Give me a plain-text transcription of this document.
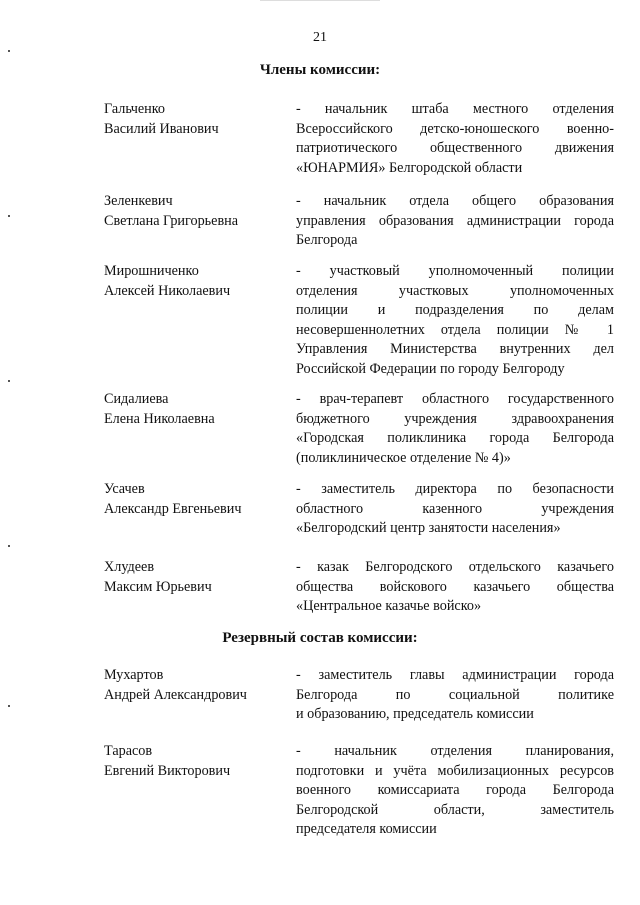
21
Члены комиссии:
Гальченко
Василий Иванович
- начальник штаба местного отделения
Всероссийского детско-юношеского военно-
патриотического общественного движения
«ЮНАРМИЯ» Белгородской области
Зеленкевич
Светлана Григорьевна
- начальник отдела общего образования
управления образования администрации города
Белгорода
Мирошниченко
Алексей Николаевич
- участковый уполномоченный полиции
отделения участковых уполномоченных
полиции и подразделения по делам
несовершеннолетних отдела полиции № 1
Управления Министерства внутренних дел
Российской Федерации по городу Белгороду
Сидалиева
Елена Николаевна
- врач-терапевт областного государственного
бюджетного учреждения здравоохранения
«Городская поликлиника города Белгорода
(поликлиническое отделение № 4)»
Усачев
Александр Евгеньевич
- заместитель директора по безопасности
областного казенного учреждения
«Белгородский центр занятости населения»
Хлудеев
Максим Юрьевич
- казак Белгородского отдельского казачьего
общества войскового казачьего общества
«Центральное казачье войско»
Резервный состав комиссии:
Мухартов
Андрей Александрович
- заместитель главы администрации города
Белгорода по социальной политике
и образованию, председатель комиссии
Тарасов
Евгений Викторович
- начальник отделения планирования,
подготовки и учёта мобилизационных ресурсов
военного комиссариата города Белгорода
Белгородской области, заместитель
председателя комиссии
